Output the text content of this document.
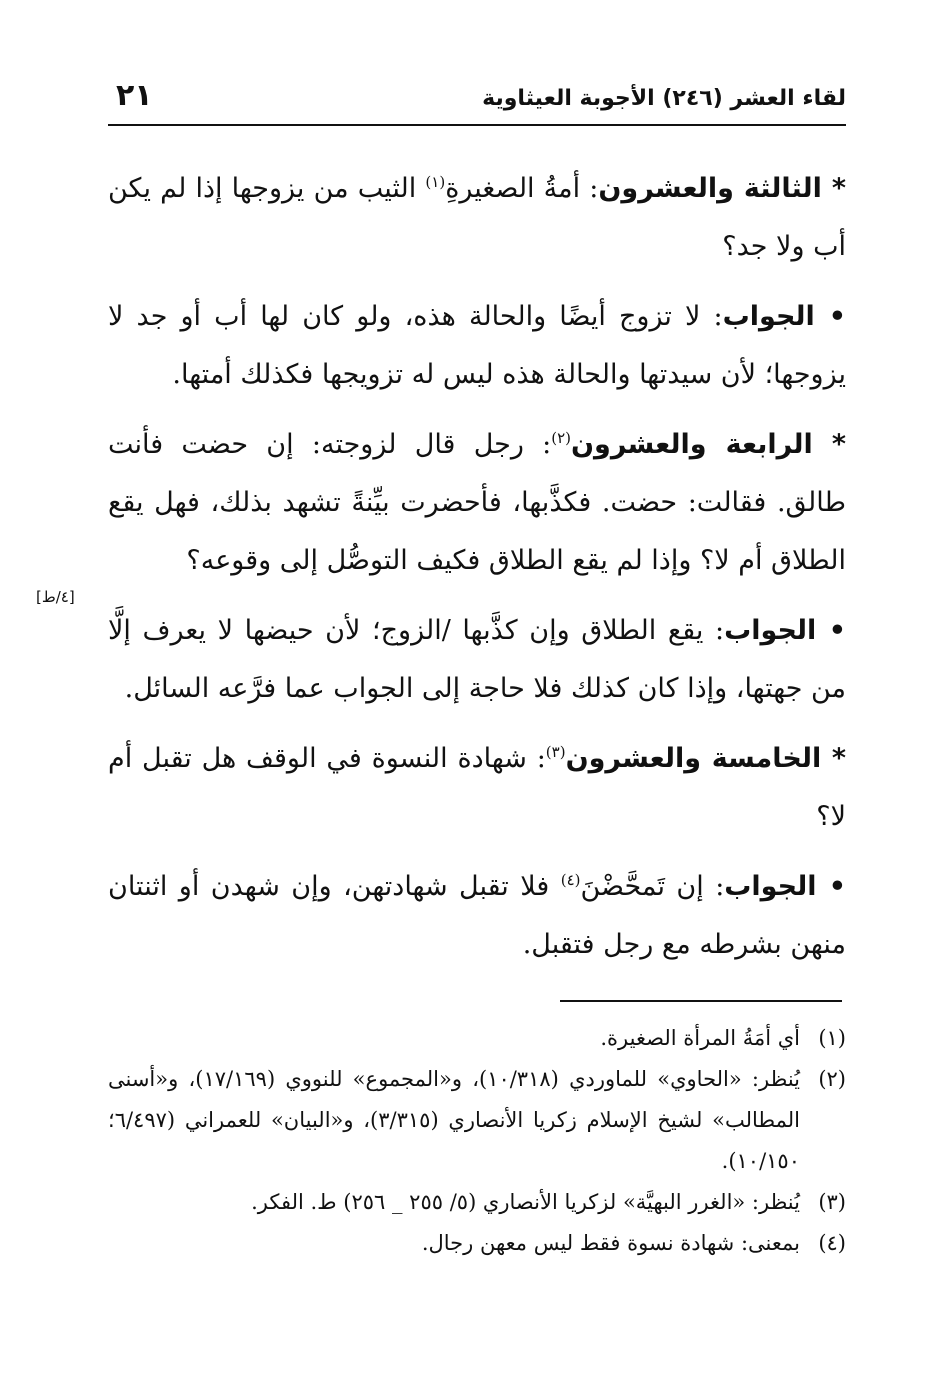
لقاء العشر (٢٤٦) الأجوبة العيثاوية
٢١
[٤/ط]

* الثالثة والعشرون: أمةُ الصغيرةِ$^{(١)}$ الثيب من يزوجها إذا لم يكن أب ولا جد؟

• الجواب: لا تزوج أيضًا والحالة هذه، ولو كان لها أب أو جد لا يزوجها؛ لأن سيدتها والحالة هذه ليس له تزويجها فكذلك أمتها.

* الرابعة والعشرون$^{(٢)}$: رجل قال لزوجته: إن حضت فأنت طالق. فقالت: حضت. فكذَّبها، فأحضرت بيِّنةً تشهد بذلك، فهل يقع الطلاق أم لا؟ وإذا لم يقع الطلاق فكيف التوصُّل إلى وقوعه؟

• الجواب: يقع الطلاق وإن كذَّبها /الزوج؛ لأن حيضها لا يعرف إلَّا من جهتها، وإذا كان كذلك فلا حاجة إلى الجواب عما فرَّعه السائل.

* الخامسة والعشرون$^{(٣)}$: شهادة النسوة في الوقف هل تقبل أم لا؟

• الجواب: إن تَمحَّضْنَ$^{(٤)}$ فلا تقبل شهادتهن، وإن شهدن أو اثنتان منهن بشرطه مع رجل فتقبل.

(١)
أي أمَةُ المرأة الصغيرة.
(٢)
يُنظر: «الحاوي» للماوردي (١٠/٣١٨)، و«المجموع» للنووي (١٧/١٦٩)، و«أسنى المطالب» لشيخ الإسلام زكريا الأنصاري (٣/٣١٥)، و«البيان» للعمراني (٦/٤٩٧؛ ١٠/١٥٠).
(٣)
يُنظر: «الغرر البهيَّة» لزكريا الأنصاري (٥/ ٢٥٥ _ ٢٥٦) ط. الفكر.
(٤)
بمعنى: شهادة نسوة فقط ليس معهن رجال.
